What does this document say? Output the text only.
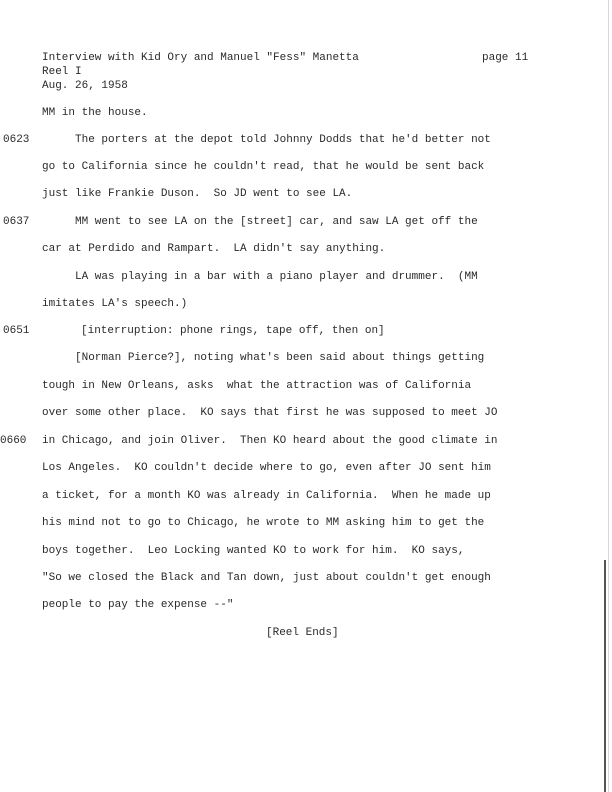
Interview with Kid Ory and Manuel "Fess" Manetta	page 11
Reel I
Aug. 26, 1958
MM in the house.
0623 The porters at the depot told Johnny Dodds that he'd better not
go to California since he couldn't read, that he would be sent back
just like Frankie Duson.  So JD went to see LA.
0637 MM went to see LA on the [street] car, and saw LA get off the
car at Perdido and Rampart.  LA didn't say anything.
LA was playing in a bar with a piano player and drummer.  (MM
imitates LA's speech.)
0651 [interruption: phone rings, tape off, then on]
[Norman Pierce?], noting what's been said about things getting
tough in New Orleans, asks  what the attraction was of California
over some other place.  KO says that first he was supposed to meet JO
0660 in Chicago, and join Oliver.  Then KO heard about the good climate in
Los Angeles.  KO couldn't decide where to go, even after JO sent him
a ticket, for a month KO was already in California.  When he made up
his mind not to go to Chicago, he wrote to MM asking him to get the
boys together.  Leo Locking wanted KO to work for him.  KO says,
"So we closed the Black and Tan down, just about couldn't get enough
people to pay the expense --"
[Reel Ends]
